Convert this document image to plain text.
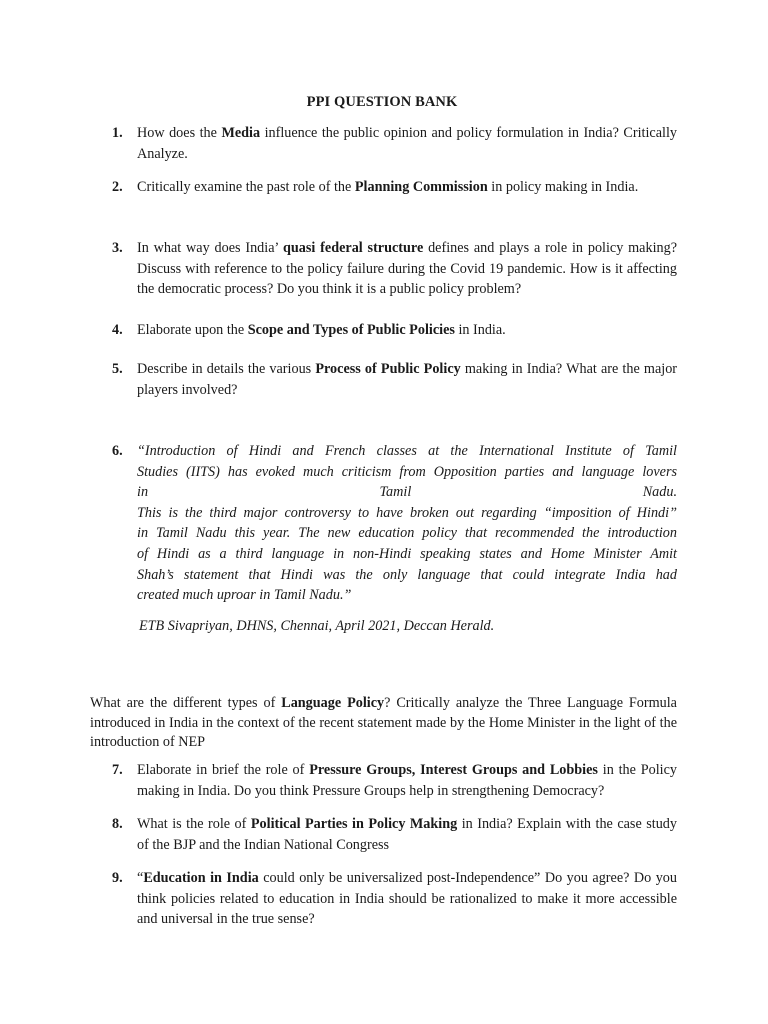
PPI QUESTION BANK
1.	How does the Media influence the public opinion and policy formulation in India? Critically Analyze.
2.	Critically examine the past role of the Planning Commission in policy making in India.
3.	In what way does India’ quasi federal structure defines and plays a role in policy making? Discuss with reference to the policy failure during the Covid 19 pandemic. How is it affecting the democratic process? Do you think it is a public policy problem?
4.	Elaborate upon the Scope and Types of Public Policies in India.
5.	Describe in details the various Process of Public Policy making in India? What are the major players involved?
6.	“Introduction of Hindi and French classes at the International Institute of Tamil
Studies (IITS) has evoked much criticism from Opposition parties and language lovers
in Tamil Nadu.
This is the third major controversy to have broken out regarding “imposition of Hindi”
in Tamil Nadu this year. The new education policy that recommended the introduction
of Hindi as a third language in non-Hindi speaking states and Home Minister Amit
Shah’s statement that Hindi was the only language that could integrate India had
created much uproar in Tamil Nadu.”
ETB Sivapriyan, DHNS, Chennai, April 2021, Deccan Herald.
What are the different types of Language Policy? Critically analyze the Three Language Formula introduced in India in the context of the recent statement made by the Home Minister in the light of the introduction of NEP
7.	Elaborate in brief the role of Pressure Groups, Interest Groups and Lobbies in the Policy making in India. Do you think Pressure Groups help in strengthening Democracy?
8.	What is the role of Political Parties in Policy Making in India? Explain with the case study of the BJP and the Indian National Congress
9.	“Education in India could only be universalized post-Independence” Do you agree? Do you think policies related to education in India should be rationalized to make it more accessible and universal in the true sense?
